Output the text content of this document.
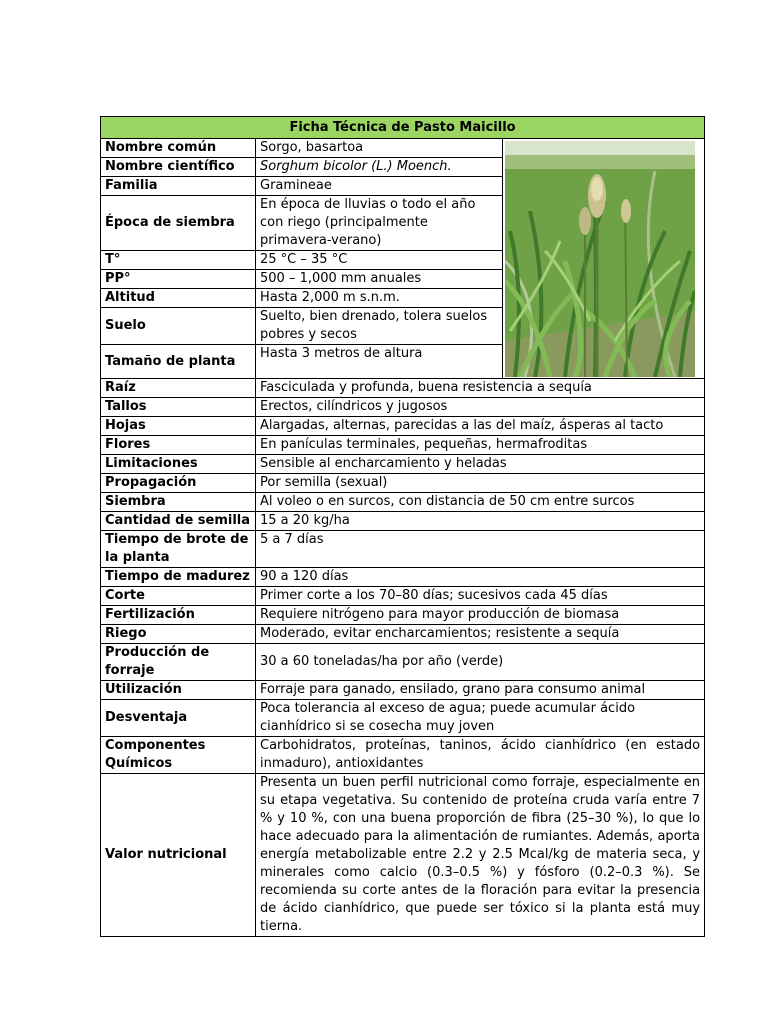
Ficha Técnica de Pasto Maicillo		
Nombre común	Sorgo, basartoa	

Nombre científico	Sorghum bicolor (L.) Moench.	
Familia	Gramineae	
Época de siembra	En época de lluvias o todo el año con riego (principalmente primavera-verano)	
T°	25 °C – 35 °C	
PP°	500 – 1,000 mm anuales	
Altitud	Hasta 2,000 m s.n.m.	
Suelo	Suelto, bien drenado, tolera suelos pobres y secos	
Tamaño de planta	Hasta 3 metros de altura	
Raíz	Fasciculada y profunda, buena resistencia a sequía	
Tallos	Erectos, cilíndricos y jugosos	
Hojas	Alargadas, alternas, parecidas a las del maíz, ásperas al tacto	
Flores	En panículas terminales, pequeñas, hermafroditas	
Limitaciones	Sensible al encharcamiento y heladas	
Propagación	Por semilla (sexual)	
Siembra	Al voleo o en surcos, con distancia de 50 cm entre surcos	
Cantidad de semilla	15 a 20 kg/ha	
Tiempo de brote de la planta	5 a 7 días	
Tiempo de madurez	90 a 120 días	
Corte	Primer corte a los 70–80 días; sucesivos cada 45 días	
Fertilización	Requiere nitrógeno para mayor producción de biomasa	
Riego	Moderado, evitar encharcamientos; resistente a sequía	
Producción de forraje	30 a 60 toneladas/ha por año (verde)	
Utilización	Forraje para ganado, ensilado, grano para consumo animal	
Desventaja	Poca tolerancia al exceso de agua; puede acumular ácido cianhídrico si se cosecha muy joven	
Componentes Químicos	Carbohidratos, proteínas, taninos, ácido cianhídrico (en estado inmaduro), antioxidantes	
Valor nutricional	Presenta un buen perfil nutricional como forraje, especialmente en su etapa vegetativa. Su contenido de proteína cruda varía entre 7 % y 10 %, con una buena proporción de fibra (25–30 %), lo que lo hace adecuado para la alimentación de rumiantes. Además, aporta energía metabolizable entre 2.2 y 2.5 Mcal/kg de materia seca, y minerales como calcio (0.3–0.5 %) y fósforo (0.2–0.3 %). Se recomienda su corte antes de la floración para evitar la presencia de ácido cianhídrico, que puede ser tóxico si la planta está muy tierna.	
